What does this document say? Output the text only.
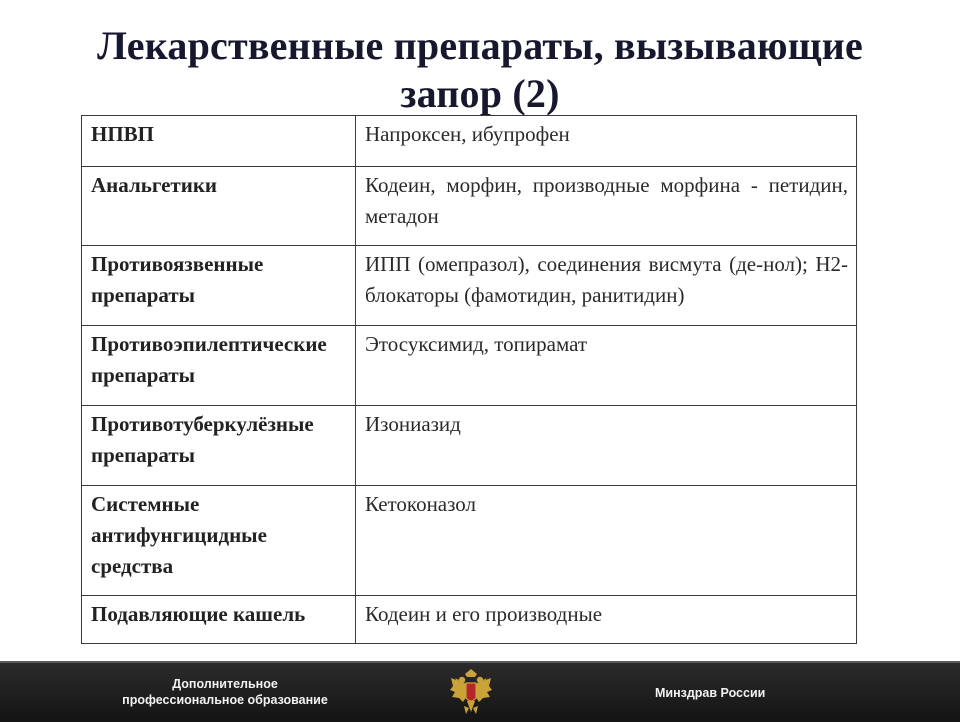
Лекарственные препараты, вызывающие
запор (2)
НПВП	Напроксен, ибупрофен
Анальгетики	Кодеин, морфин, производные морфина - петидин, метадон
Противоязвенные препараты	ИПП (омепразол), соединения висмута (де-нол); Н2-блокаторы (фамотидин, ранитидин)
Противоэпилептические препараты	Этосуксимид, топирамат
Противотуберкулёзные препараты	Изониазид
Системные антифунгицидные средства	Кетоконазол
Подавляющие кашель	Кодеин и его производные
Дополнительное
профессиональное образование	Минздрав России
